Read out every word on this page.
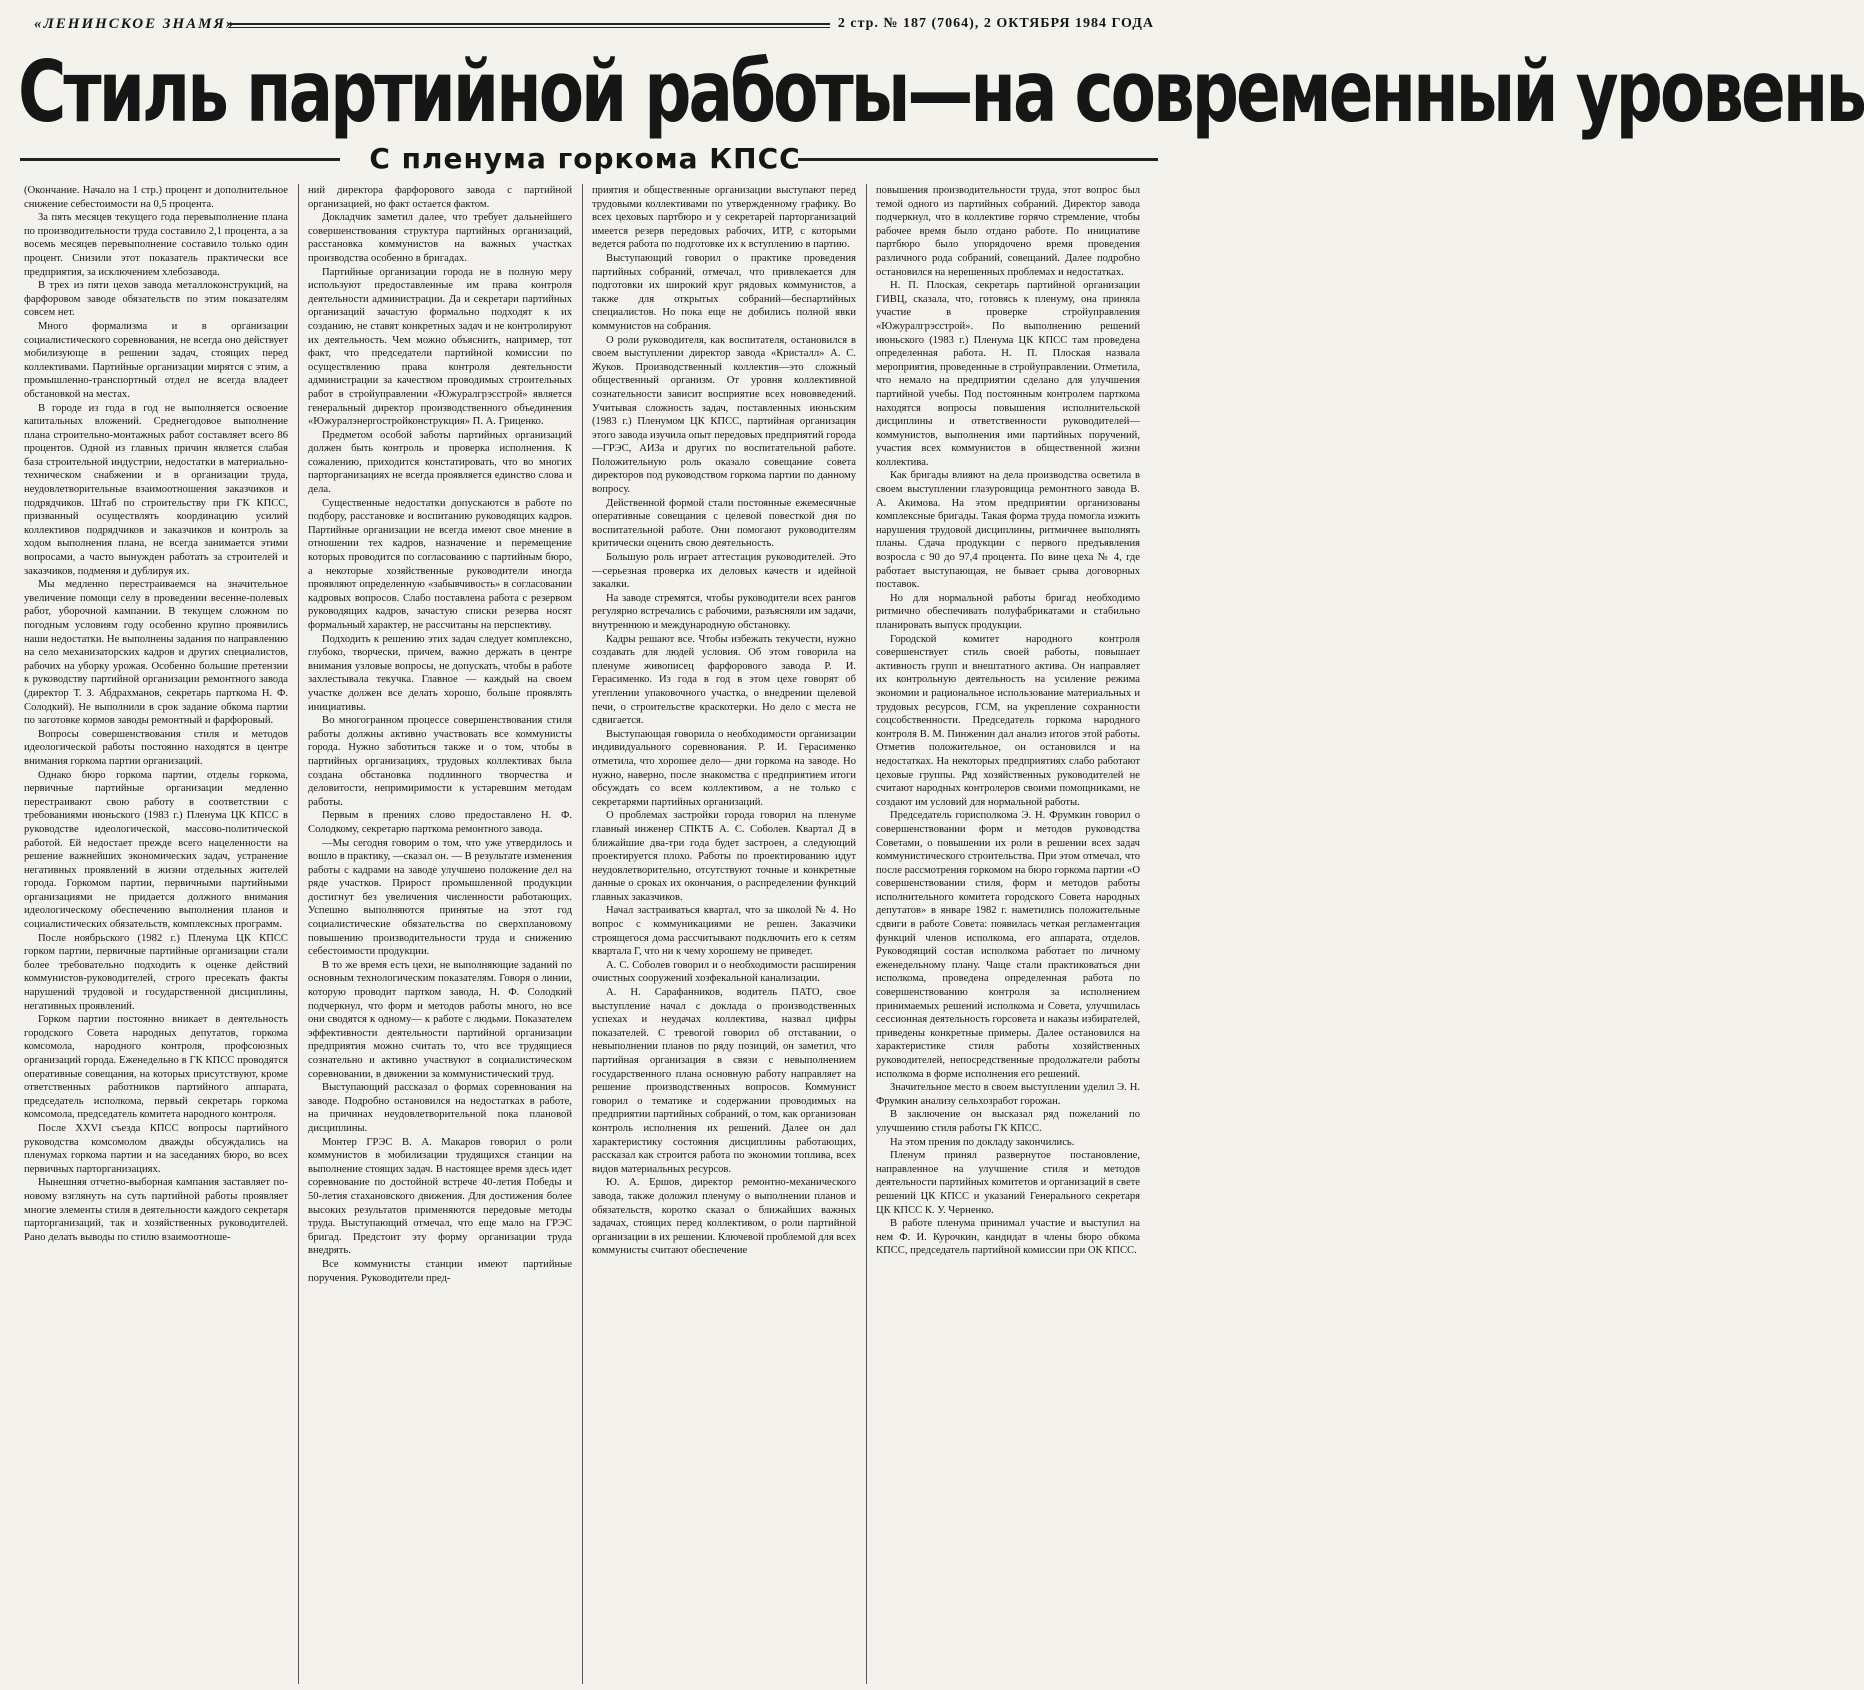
«ЛЕНИНСКОЕ ЗНАМЯ»	2 стр. № 187 (7064), 2 ОКТЯБРЯ 1984 ГОДА
Стиль партийной работы—на современный уровень
С пленума горкома КПСС

(Окончание. Начало на 1 стр.) процент и дополнительное снижение себестоимости на 0,5 процента.

За пять месяцев текущего года перевыполнение плана по производительности труда составило 2,1 процента, а за восемь месяцев перевыполнение составило только один процент. Снизили этот показатель практически все предприятия, за исключением хлебозавода.

В трех из пяти цехов завода металлоконструкций, на фарфоровом заводе обязательств по этим показателям совсем нет.

Много формализма и в организации социалистического соревнования, не всегда оно действует мобилизующе в решении задач, стоящих перед коллективами. Партийные организации мирятся с этим, а промышленно-транспортный отдел не всегда владеет обстановкой на местах.

В городе из года в год не выполняется освоение капитальных вложений. Среднегодовое выполнение плана строительно-монтажных работ составляет всего 86 процентов. Одной из главных причин является слабая база строительной индустрии, недостатки в материально-техническом снабжении и в организации труда, неудовлетворительные взаимоотношения заказчиков и подрядчиков. Штаб по строительству при ГК КПСС, призванный осуществлять координацию усилий коллективов подрядчиков и заказчиков и контроль за ходом выполнения плана, не всегда занимается этими вопросами, а часто вынужден работать за строителей и заказчиков, подменяя и дублируя их.

Мы медленно перестраиваемся на значительное увеличение помощи селу в проведении весенне-полевых работ, уборочной кампании. В текущем сложном по погодным условиям году особенно крупно проявились наши недостатки. Не выполнены задания по направлению на село механизаторских кадров и других специалистов, рабочих на уборку урожая. Особенно большие претензии к руководству партийной организации ремонтного завода (директор Т. З. Абдрахманов, секретарь парткома Н. Ф. Солодкий). Не выполнили в срок задание обкома партии по заготовке кормов заводы ремонтный и фарфоровый.

Вопросы совершенствования стиля и методов идеологической работы постоянно находятся в центре внимания горкома партии организаций.

Однако бюро горкома партии, отделы горкома, первичные партийные организации медленно перестраивают свою работу в соответствии с требованиями июньского (1983 г.) Пленума ЦК КПСС в руководстве идеологической, массово-политической работой. Ей недостает прежде всего нацеленности на решение важнейших экономических задач, устранение негативных проявлений в жизни отдельных жителей города. Горкомом партии, первичными партийными организациями не придается должного внимания идеологическому обеспечению выполнения планов и социалистических обязательств, комплексных программ.

После ноябрьского (1982 г.) Пленума ЦК КПСС горком партии, первичные партийные организации стали более требовательно подходить к оценке действий коммунистов-руководителей, строго пресекать факты нарушений трудовой и государственной дисциплины, негативных проявлений.

Горком партии постоянно вникает в деятельность городского Совета народных депутатов, горкома комсомола, народного контроля, профсоюзных организаций города. Еженедельно в ГК КПСС проводятся оперативные совещания, на которых присутствуют, кроме ответственных работников партийного аппарата, председатель исполкома, первый секретарь горкома комсомола, председатель комитета народного контроля.

После XXVI съезда КПСС вопросы партийного руководства комсомолом дважды обсуждались на пленумах горкома партии и на заседаниях бюро, во всех первичных парторганизациях.

Нынешняя отчетно-выборная кампания заставляет по-новому взглянуть на суть партийной работы проявляет многие элементы стиля в деятельности каждого секретаря парторганизаций, так и хозяйственных руководителей. Рано делать выводы по стилю взаимоотноше-

ний директора фарфорового завода с партийной организацией, но факт остается фактом.

Докладчик заметил далее, что требует дальнейшего совершенствования структура партийных организаций, расстановка коммунистов на важных участках производства особенно в бригадах.

Партийные организации города не в полную меру используют предоставленные им права контроля деятельности администрации. Да и секретари партийных организаций зачастую формально подходят к их созданию, не ставят конкретных задач и не контролируют их деятельность. Чем можно объяснить, например, тот факт, что председатели партийной комиссии по осуществлению права контроля деятельности администрации за качеством проводимых строительных работ в стройуправлении «Южуралгрэсстрой» является генеральный директор производственного объединения «Южуралэнергостройконструкция» П. А. Гриценко.

Предметом особой заботы партийных организаций должен быть контроль и проверка исполнения. К сожалению, приходится констатировать, что во многих парторганизациях не всегда проявляется единство слова и дела.

Существенные недостатки допускаются в работе по подбору, расстановке и воспитанию руководящих кадров. Партийные организации не всегда имеют свое мнение в отношении тех кадров, назначение и перемещение которых проводится по согласованию с партийным бюро, а некоторые хозяйственные руководители иногда проявляют определенную «забывчивость» в согласовании кадровых вопросов. Слабо поставлена работа с резервом руководящих кадров, зачастую списки резерва носят формальный характер, не рассчитаны на перспективу.

Подходить к решению этих задач следует комплексно, глубоко, творчески, причем, важно держать в центре внимания узловые вопросы, не допускать, чтобы в работе захлестывала текучка. Главное — каждый на своем участке должен все делать хорошо, больше проявлять инициативы.

Во многогранном процессе совершенствования стиля работы должны активно участвовать все коммунисты города. Нужно заботиться также и о том, чтобы в партийных организациях, трудовых коллективах была создана обстановка подлинного творчества и деловитости, непримиримости к устаревшим методам работы.

Первым в прениях слово предоставлено Н. Ф. Солодкому, секретарю парткома ремонтного завода.

—Мы сегодня говорим о том, что уже утвердилось и вошло в практику, —сказал он. — В результате изменения работы с кадрами на заводе улучшено положение дел на ряде участков. Прирост промышленной продукции достигнут без увеличения численности работающих. Успешно выполняются принятые на этот год социалистические обязательства по сверхплановому повышению производительности труда и снижению себестоимости продукции.

В то же время есть цехи, не выполняющие заданий по основным технологическим показателям. Говоря о линии, которую проводит партком завода, Н. Ф. Солодкий подчеркнул, что форм и методов работы много, но все они сводятся к одному— к работе с людьми. Показателем эффективности деятельности партийной организации предприятия можно считать то, что все трудящиеся сознательно и активно участвуют в социалистическом соревновании, в движении за коммунистический труд.

Выступающий рассказал о формах соревнования на заводе. Подробно остановился на недостатках в работе, на причинах неудовлетворительной пока плановой дисциплины.

Монтер ГРЭС В. А. Макаров говорил о роли коммунистов в мобилизации трудящихся станции на выполнение стоящих задач. В настоящее время здесь идет соревнование по достойной встрече 40-летия Победы и 50-летия стахановского движения. Для достижения более высоких результатов применяются передовые методы труда. Выступающий отмечал, что еще мало на ГРЭС бригад. Предстоит эту форму организации труда внедрять.

Все коммунисты станции имеют партийные поручения. Руководители пред-

приятия и общественные организации выступают перед трудовыми коллективами по утвержденному графику. Во всех цеховых партбюро и у секретарей парторганизаций имеется резерв передовых рабочих, ИТР, с которыми ведется работа по подготовке их к вступлению в партию.

Выступающий говорил о практике проведения партийных собраний, отмечал, что привлекается для подготовки их широкий круг рядовых коммунистов, а также для открытых собраний—беспартийных специалистов. Но пока еще не добились полной явки коммунистов на собрания.

О роли руководителя, как воспитателя, остановился в своем выступлении директор завода «Кристалл» А. С. Жуков. Производственный коллектив—это сложный общественный организм. От уровня коллективной сознательности зависит восприятие всех нововведений. Учитывая сложность задач, поставленных июньским (1983 г.) Пленумом ЦК КПСС, партийная организация этого завода изучила опыт передовых предприятий города—ГРЭС, АИЗа и других по воспитательной работе. Положительную роль оказало совещание совета директоров под руководством горкома партии по данному вопросу.

Действенной формой стали постоянные ежемесячные оперативные совещания с целевой повесткой дня по воспитательной работе. Они помогают руководителям критически оценить свою деятельность.

Большую роль играет аттестация руководителей. Это—серьезная проверка их деловых качеств и идейной закалки.

На заводе стремятся, чтобы руководители всех рангов регулярно встречались с рабочими, разъясняли им задачи, внутреннюю и международную обстановку.

Кадры решают все. Чтобы избежать текучести, нужно создавать для людей условия. Об этом говорила на пленуме живописец фарфорового завода Р. И. Герасименко. Из года в год в этом цехе говорят об утеплении упаковочного участка, о внедрении щелевой печи, о строительстве краскотерки. Но дело с места не сдвигается.

Выступающая говорила о необходимости организации индивидуального соревнования. Р. И. Герасименко отметила, что хорошее дело— дни горкома на заводе. Но нужно, наверно, после знакомства с предприятием итоги обсуждать со всем коллективом, а не только с секретарями партийных организаций.

О проблемах застройки города говорил на пленуме главный инженер СПКТБ А. С. Соболев. Квартал Д в ближайшие два-три года будет застроен, а следующий проектируется плохо. Работы по проектированию идут неудовлетворительно, отсутствуют точные и конкретные данные о сроках их окончания, о распределении функций главных заказчиков.

Начал застраиваться квартал, что за школой № 4. Но вопрос с коммуникациями не решен. Заказчики строящегося дома рассчитывают подключить его к сетям квартала Г, что ни к чему хорошему не приведет.

А. С. Соболев говорил и о необходимости расширения очистных сооружений хозфекальной канализации.

А. Н. Сарафанников, водитель ПАТО, свое выступление начал с доклада о производственных успехах и неудачах коллектива, назвал цифры показателей. С тревогой говорил об отставании, о невыполнении планов по ряду позиций, он заметил, что партийная организация в связи с невыполнением государственного плана основную работу направляет на решение производственных вопросов. Коммунист говорил о тематике и содержании проводимых на предприятии партийных собраний, о том, как организован контроль исполнения их решений. Далее он дал характеристику состояния дисциплины работающих, рассказал как строится работа по экономии топлива, всех видов материальных ресурсов.

Ю. А. Ершов, директор ремонтно-механического завода, также доложил пленуму о выполнении планов и обязательств, коротко сказал о ближайших важных задачах, стоящих перед коллективом, о роли партийной организации в их решении. Ключевой проблемой для всех коммунисты считают обеспечение

повышения производительности труда, этот вопрос был темой одного из партийных собраний. Директор завода подчеркнул, что в коллективе горячо стремление, чтобы рабочее время было отдано работе. По инициативе партбюро было упорядочено время проведения различного рода собраний, совещаний. Далее подробно остановился на нерешенных проблемах и недостатках.

Н. П. Плоская, секретарь партийной организации ГИВЦ, сказала, что, готовясь к пленуму, она приняла участие в проверке стройуправления «Южуралгрэсстрой». По выполнению решений июньского (1983 г.) Пленума ЦК КПСС там проведена определенная работа. Н. П. Плоская назвала мероприятия, проведенные в стройуправлении. Отметила, что немало на предприятии сделано для улучшения партийной учебы. Под постоянным контролем парткома находятся вопросы повышения исполнительской дисциплины и ответственности руководителей— коммунистов, выполнения ими партийных поручений, участия всех коммунистов в общественной жизни коллектива.

Как бригады влияют на дела производства осветила в своем выступлении глазуровщица ремонтного завода В. А. Акимова. На этом предприятии организованы комплексные бригады. Такая форма труда помогла изжить нарушения трудовой дисциплины, ритмичнее выполнять планы. Сдача продукции с первого предъявления возросла с 90 до 97,4 процента. По вине цеха № 4, где работает выступающая, не бывает срыва договорных поставок.

Но для нормальной работы бригад необходимо ритмично обеспечивать полуфабрикатами и стабильно планировать выпуск продукции.

Городской комитет народного контроля совершенствует стиль своей работы, повышает активность групп и внештатного актива. Он направляет их контрольную деятельность на усиление режима экономии и рациональное использование материальных и трудовых ресурсов, ГСМ, на укрепление сохранности соцсобственности. Председатель горкома народного контроля В. М. Пинженин дал анализ итогов этой работы. Отметив положительное, он остановился и на недостатках. На некоторых предприятиях слабо работают цеховые группы. Ряд хозяйственных руководителей не считают народных контролеров своими помощниками, не создают им условий для нормальной работы.

Председатель горисполкома Э. Н. Фрумкин говорил о совершенствовании форм и методов руководства Советами, о повышении их роли в решении всех задач коммунистического строительства. При этом отмечал, что после рассмотрения горкомом на бюро горкома партии «О совершенствовании стиля, форм и методов работы исполнительного комитета городского Совета народных депутатов» в январе 1982 г. наметились положительные сдвиги в работе Совета: появилась четкая регламентация функций членов исполкома, его аппарата, отделов. Руководящий состав исполкома работает по личному еженедельному плану. Чаще стали практиковаться дни исполкома, проведена определенная работа по совершенствованию контроля за исполнением принимаемых решений исполкома и Совета, улучшилась сессионная деятельность горсовета и наказы избирателей, приведены конкретные примеры. Далее остановился на характеристике стиля работы хозяйственных руководителей, непосредственные продолжатели работы исполкома в форме исполнения его решений.

Значительное место в своем выступлении уделил Э. Н. Фрумкин анализу сельхозработ горожан.

В заключение он высказал ряд пожеланий по улучшению стиля работы ГК КПСС.

На этом прения по докладу закончились.

Пленум принял развернутое постановление, направленное на улучшение стиля и методов деятельности партийных комитетов и организаций в свете решений ЦК КПСС и указаний Генерального секретаря ЦК КПСС К. У. Черненко.

В работе пленума принимал участие и выступил на нем Ф. И. Курочкин, кандидат в члены бюро обкома КПСС, председатель партийной комиссии при ОК КПСС.
